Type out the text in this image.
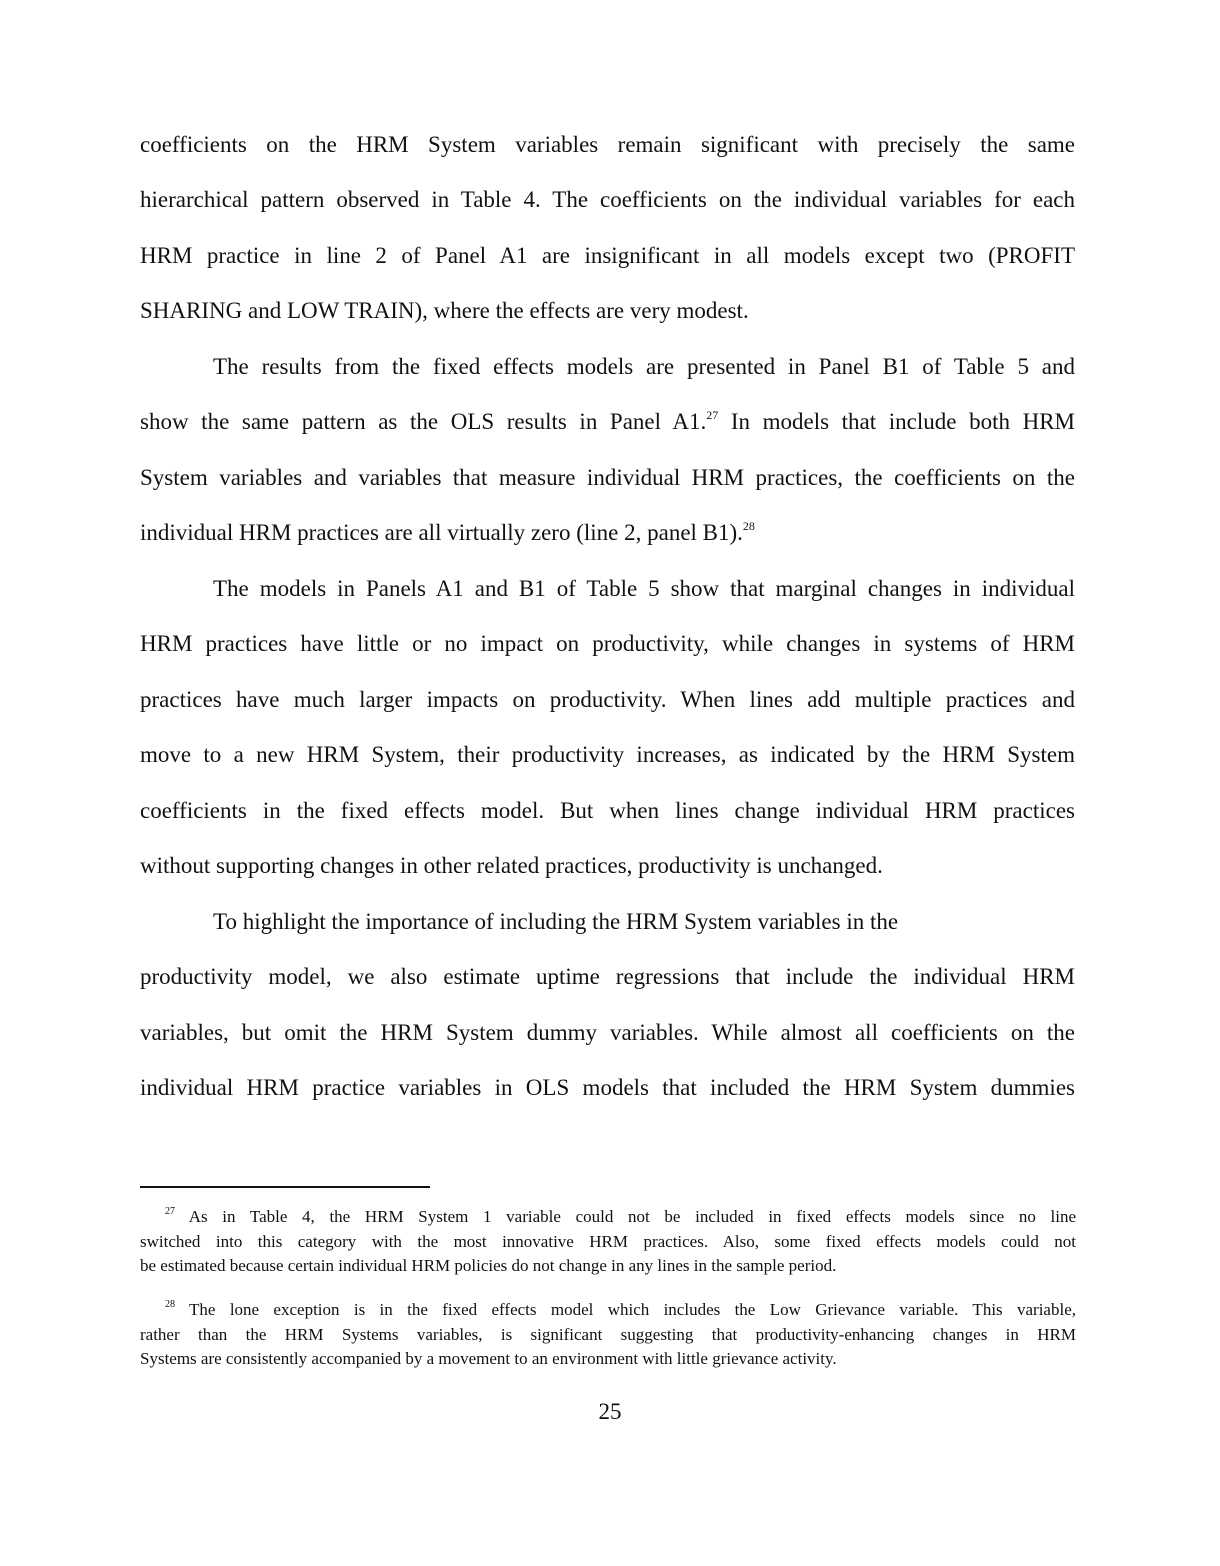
coefficients on the HRM System variables remain significant with precisely the same
hierarchical pattern observed in Table 4. The coefficients on the individual variables for each
HRM practice in line 2 of Panel A1 are insignificant in all models except two (PROFIT
SHARING and LOW TRAIN), where the effects are very modest.
The results from the fixed effects models are presented in Panel B1 of Table 5 and
show the same pattern as the OLS results in Panel A1.27 In models that include both HRM
System variables and variables that measure individual HRM practices, the coefficients on the
individual HRM practices are all virtually zero (line 2, panel B1).$^{28}$
The models in Panels A1 and B1 of Table 5 show that marginal changes in individual
HRM practices have little or no impact on productivity, while changes in systems of HRM
practices have much larger impacts on productivity. When lines add multiple practices and
move to a new HRM System, their productivity increases, as indicated by the HRM System
coefficients in the fixed effects model. But when lines change individual HRM practices
without supporting changes in other related practices, productivity is unchanged.
To highlight the importance of including the HRM System variables in the
productivity model, we also estimate uptime regressions that include the individual HRM
variables, but omit the HRM System dummy variables. While almost all coefficients on the
individual HRM practice variables in OLS models that included the HRM System dummies
$^{27}$ As in Table 4, the HRM System 1 variable could not be included in fixed effects models since no line
switched into this category with the most innovative HRM practices. Also, some fixed effects models could not
be estimated because certain individual HRM policies do not change in any lines in the sample period.
$^{28}$ The lone exception is in the fixed effects model which includes the Low Grievance variable. This variable,
rather than the HRM Systems variables, is significant suggesting that productivity-enhancing changes in HRM
Systems are consistently accompanied by a movement to an environment with little grievance activity.
25
